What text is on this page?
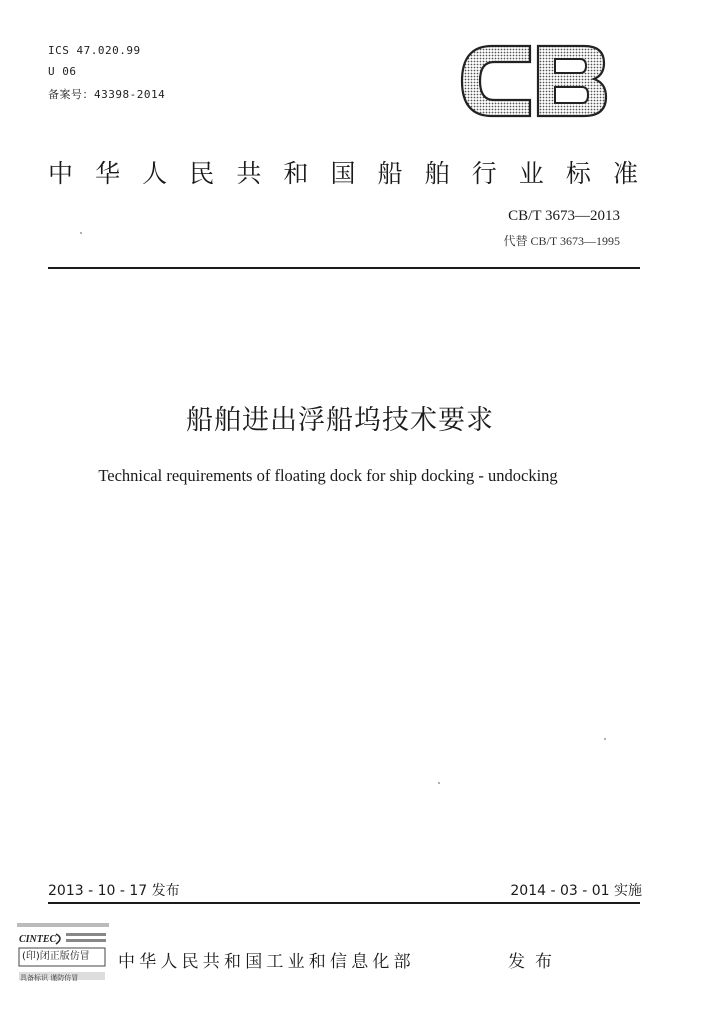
ICS 47.020.99
U 06
备案号：43398-2014
中 华 人 民 共 和 国 船 舶 行 业 标 准
CB/T 3673—2013
代替 CB/T 3673—1995
船舶进出浮船坞技术要求
Technical requirements of floating dock for ship docking - undocking
2013 - 10 - 17 发布	2014 - 03 - 01 实施
CINTEC
(印)闭正版仿冒
具备标识 谨防仿冒
中华人民共和国工业和信息化部	发布
